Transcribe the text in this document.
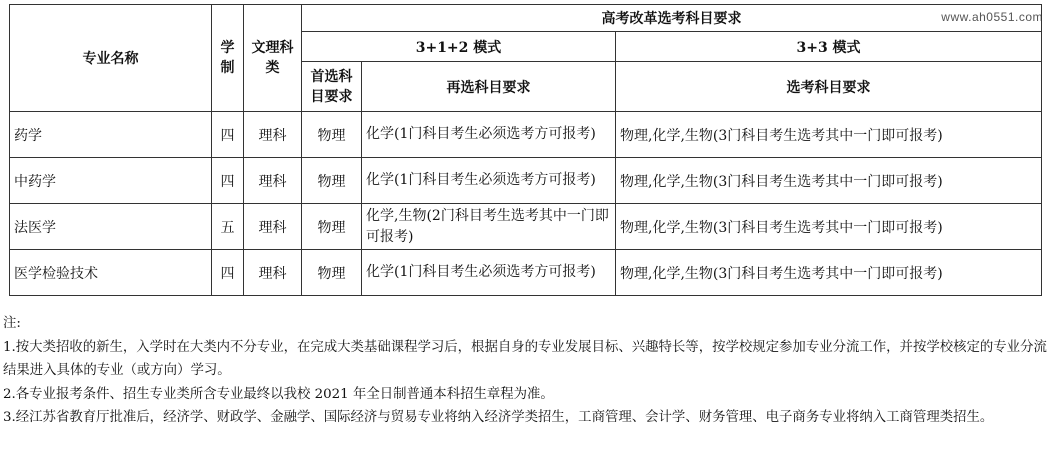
www.ah0551.com
专业名称	学制	文理科类	高考改革选考科目要求		
			3+1+2 模式		3+3 模式
			首选科目要求	再选科目要求	选考科目要求
药学	四	理科	物理	化学(1门科目考生必须选考方可报考)	物理,化学,生物(3门科目考生选考其中一门即可报考)
中药学	四	理科	物理	化学(1门科目考生必须选考方可报考)	物理,化学,生物(3门科目考生选考其中一门即可报考)
法医学	五	理科	物理	化学,生物(2门科目考生选考其中一门即可报考)	物理,化学,生物(3门科目考生选考其中一门即可报考)
医学检验技术	四	理科	物理	化学(1门科目考生必须选考方可报考)	物理,化学,生物(3门科目考生选考其中一门即可报考)

注:

1.按大类招收的新生，入学时在大类内不分专业，在完成大类基础课程学习后，根据自身的专业发展目标、兴趣特长等，按学校规定参加专业分流工作，并按学校核定的专业分流结果进入具体的专业（或方向）学习。

2.各专业报考条件、招生专业类所含专业最终以我校 2021 年全日制普通本科招生章程为准。

3.经江苏省教育厅批准后，经济学、财政学、金融学、国际经济与贸易专业将纳入经济学类招生，工商管理、会计学、财务管理、电子商务专业将纳入工商管理类招生。
